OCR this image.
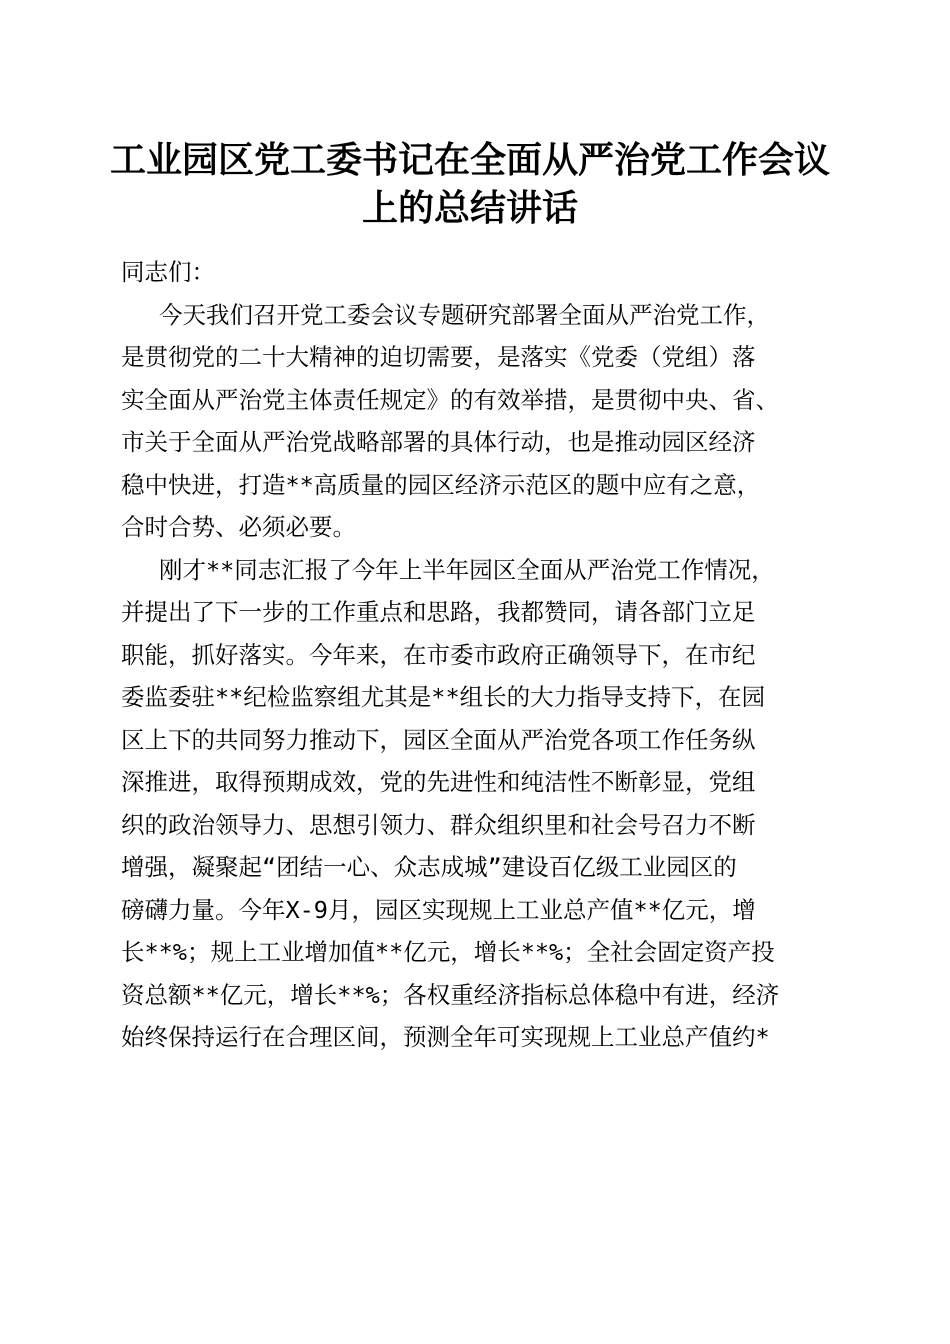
工业园区党工委书记在全面从严治党工作会议
上的总结讲话
同志们：
今天我们召开党工委会议专题研究部署全面从严治党工作，
是贯彻党的二十大精神的迫切需要，是落实《党委（党组）落
实全面从严治党主体责任规定》的有效举措，是贯彻中央、省、
市关于全面从严治党战略部署的具体行动，也是推动园区经济
稳中快进，打造**高质量的园区经济示范区的题中应有之意，
合时合势、必须必要。
刚才**同志汇报了今年上半年园区全面从严治党工作情况，
并提出了下一步的工作重点和思路，我都赞同，请各部门立足
职能，抓好落实。今年来，在市委市政府正确领导下，在市纪
委监委驻**纪检监察组尤其是**组长的大力指导支持下，在园
区上下的共同努力推动下，园区全面从严治党各项工作任务纵
深推进，取得预期成效，党的先进性和纯洁性不断彰显，党组
织的政治领导力、思想引领力、群众组织里和社会号召力不断
增强，凝聚起“团结一心、众志成城”建设百亿级工业园区的
磅礴力量。今年X-9月，园区实现规上工业总产值**亿元，增
长**%；规上工业增加值**亿元，增长**%；全社会固定资产投
资总额**亿元，增长**%；各权重经济指标总体稳中有进，经济
始终保持运行在合理区间，预测全年可实现规上工业总产值约*
